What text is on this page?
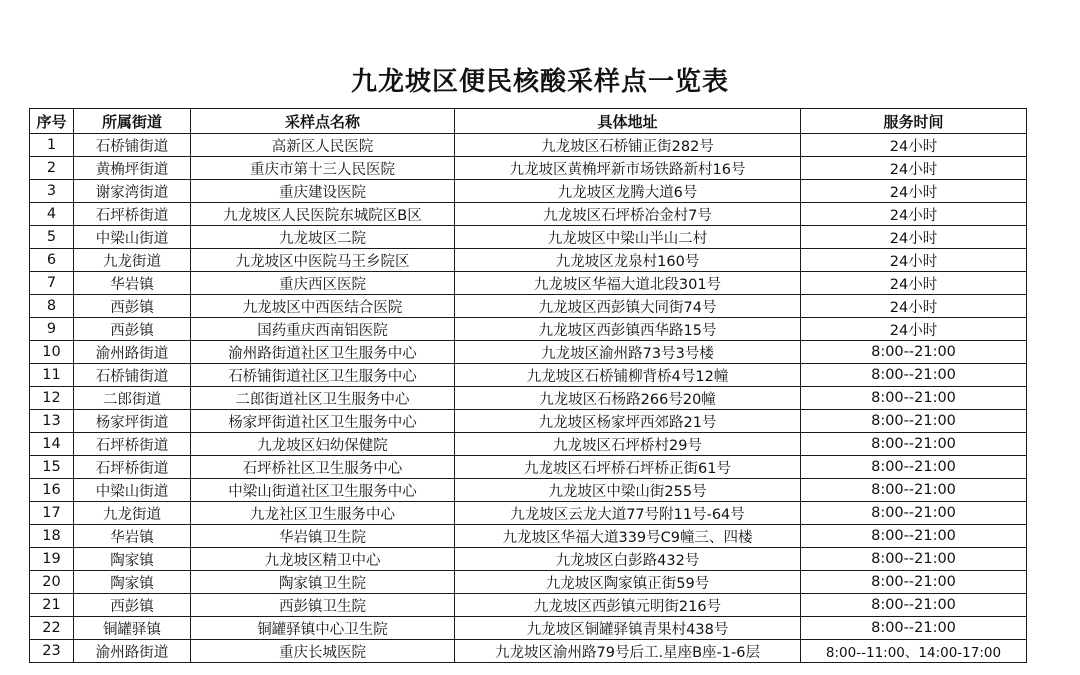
九龙坡区便民核酸采样点一览表
序号	所属街道	采样点名称	具体地址	服务时间
1	石桥铺街道	高新区人民医院	九龙坡区石桥铺正街282号	24小时
2	黄桷坪街道	重庆市第十三人民医院	九龙坡区黄桷坪新市场铁路新村16号	24小时
3	谢家湾街道	重庆建设医院	九龙坡区龙腾大道6号	24小时
4	石坪桥街道	九龙坡区人民医院东城院区B区	九龙坡区石坪桥冶金村7号	24小时
5	中梁山街道	九龙坡区二院	九龙坡区中梁山半山二村	24小时
6	九龙街道	九龙坡区中医院马王乡院区	九龙坡区龙泉村160号	24小时
7	华岩镇	重庆西区医院	九龙坡区华福大道北段301号	24小时
8	西彭镇	九龙坡区中西医结合医院	九龙坡区西彭镇大同街74号	24小时
9	西彭镇	国药重庆西南铝医院	九龙坡区西彭镇西华路15号	24小时
10	渝州路街道	渝州路街道社区卫生服务中心	九龙坡区渝州路73号3号楼	8:00--21:00
11	石桥铺街道	石桥铺街道社区卫生服务中心	九龙坡区石桥铺柳背桥4号12幢	8:00--21:00
12	二郎街道	二郎街道社区卫生服务中心	九龙坡区石杨路266号20幢	8:00--21:00
13	杨家坪街道	杨家坪街道社区卫生服务中心	九龙坡区杨家坪西郊路21号	8:00--21:00
14	石坪桥街道	九龙坡区妇幼保健院	九龙坡区石坪桥村29号	8:00--21:00
15	石坪桥街道	石坪桥社区卫生服务中心	九龙坡区石坪桥石坪桥正街61号	8:00--21:00
16	中梁山街道	中梁山街道社区卫生服务中心	九龙坡区中梁山街255号	8:00--21:00
17	九龙街道	九龙社区卫生服务中心	九龙坡区云龙大道77号附11号-64号	8:00--21:00
18	华岩镇	华岩镇卫生院	九龙坡区华福大道339号C9幢三、四楼	8:00--21:00
19	陶家镇	九龙坡区精卫中心	九龙坡区白彭路432号	8:00--21:00
20	陶家镇	陶家镇卫生院	九龙坡区陶家镇正街59号	8:00--21:00
21	西彭镇	西彭镇卫生院	九龙坡区西彭镇元明街216号	8:00--21:00
22	铜罐驿镇	铜罐驿镇中心卫生院	九龙坡区铜罐驿镇青果村438号	8:00--21:00
23	渝州路街道	重庆长城医院	九龙坡区渝州路79号后工.星座B座-1-6层	8:00--11:00、14:00-17:00
